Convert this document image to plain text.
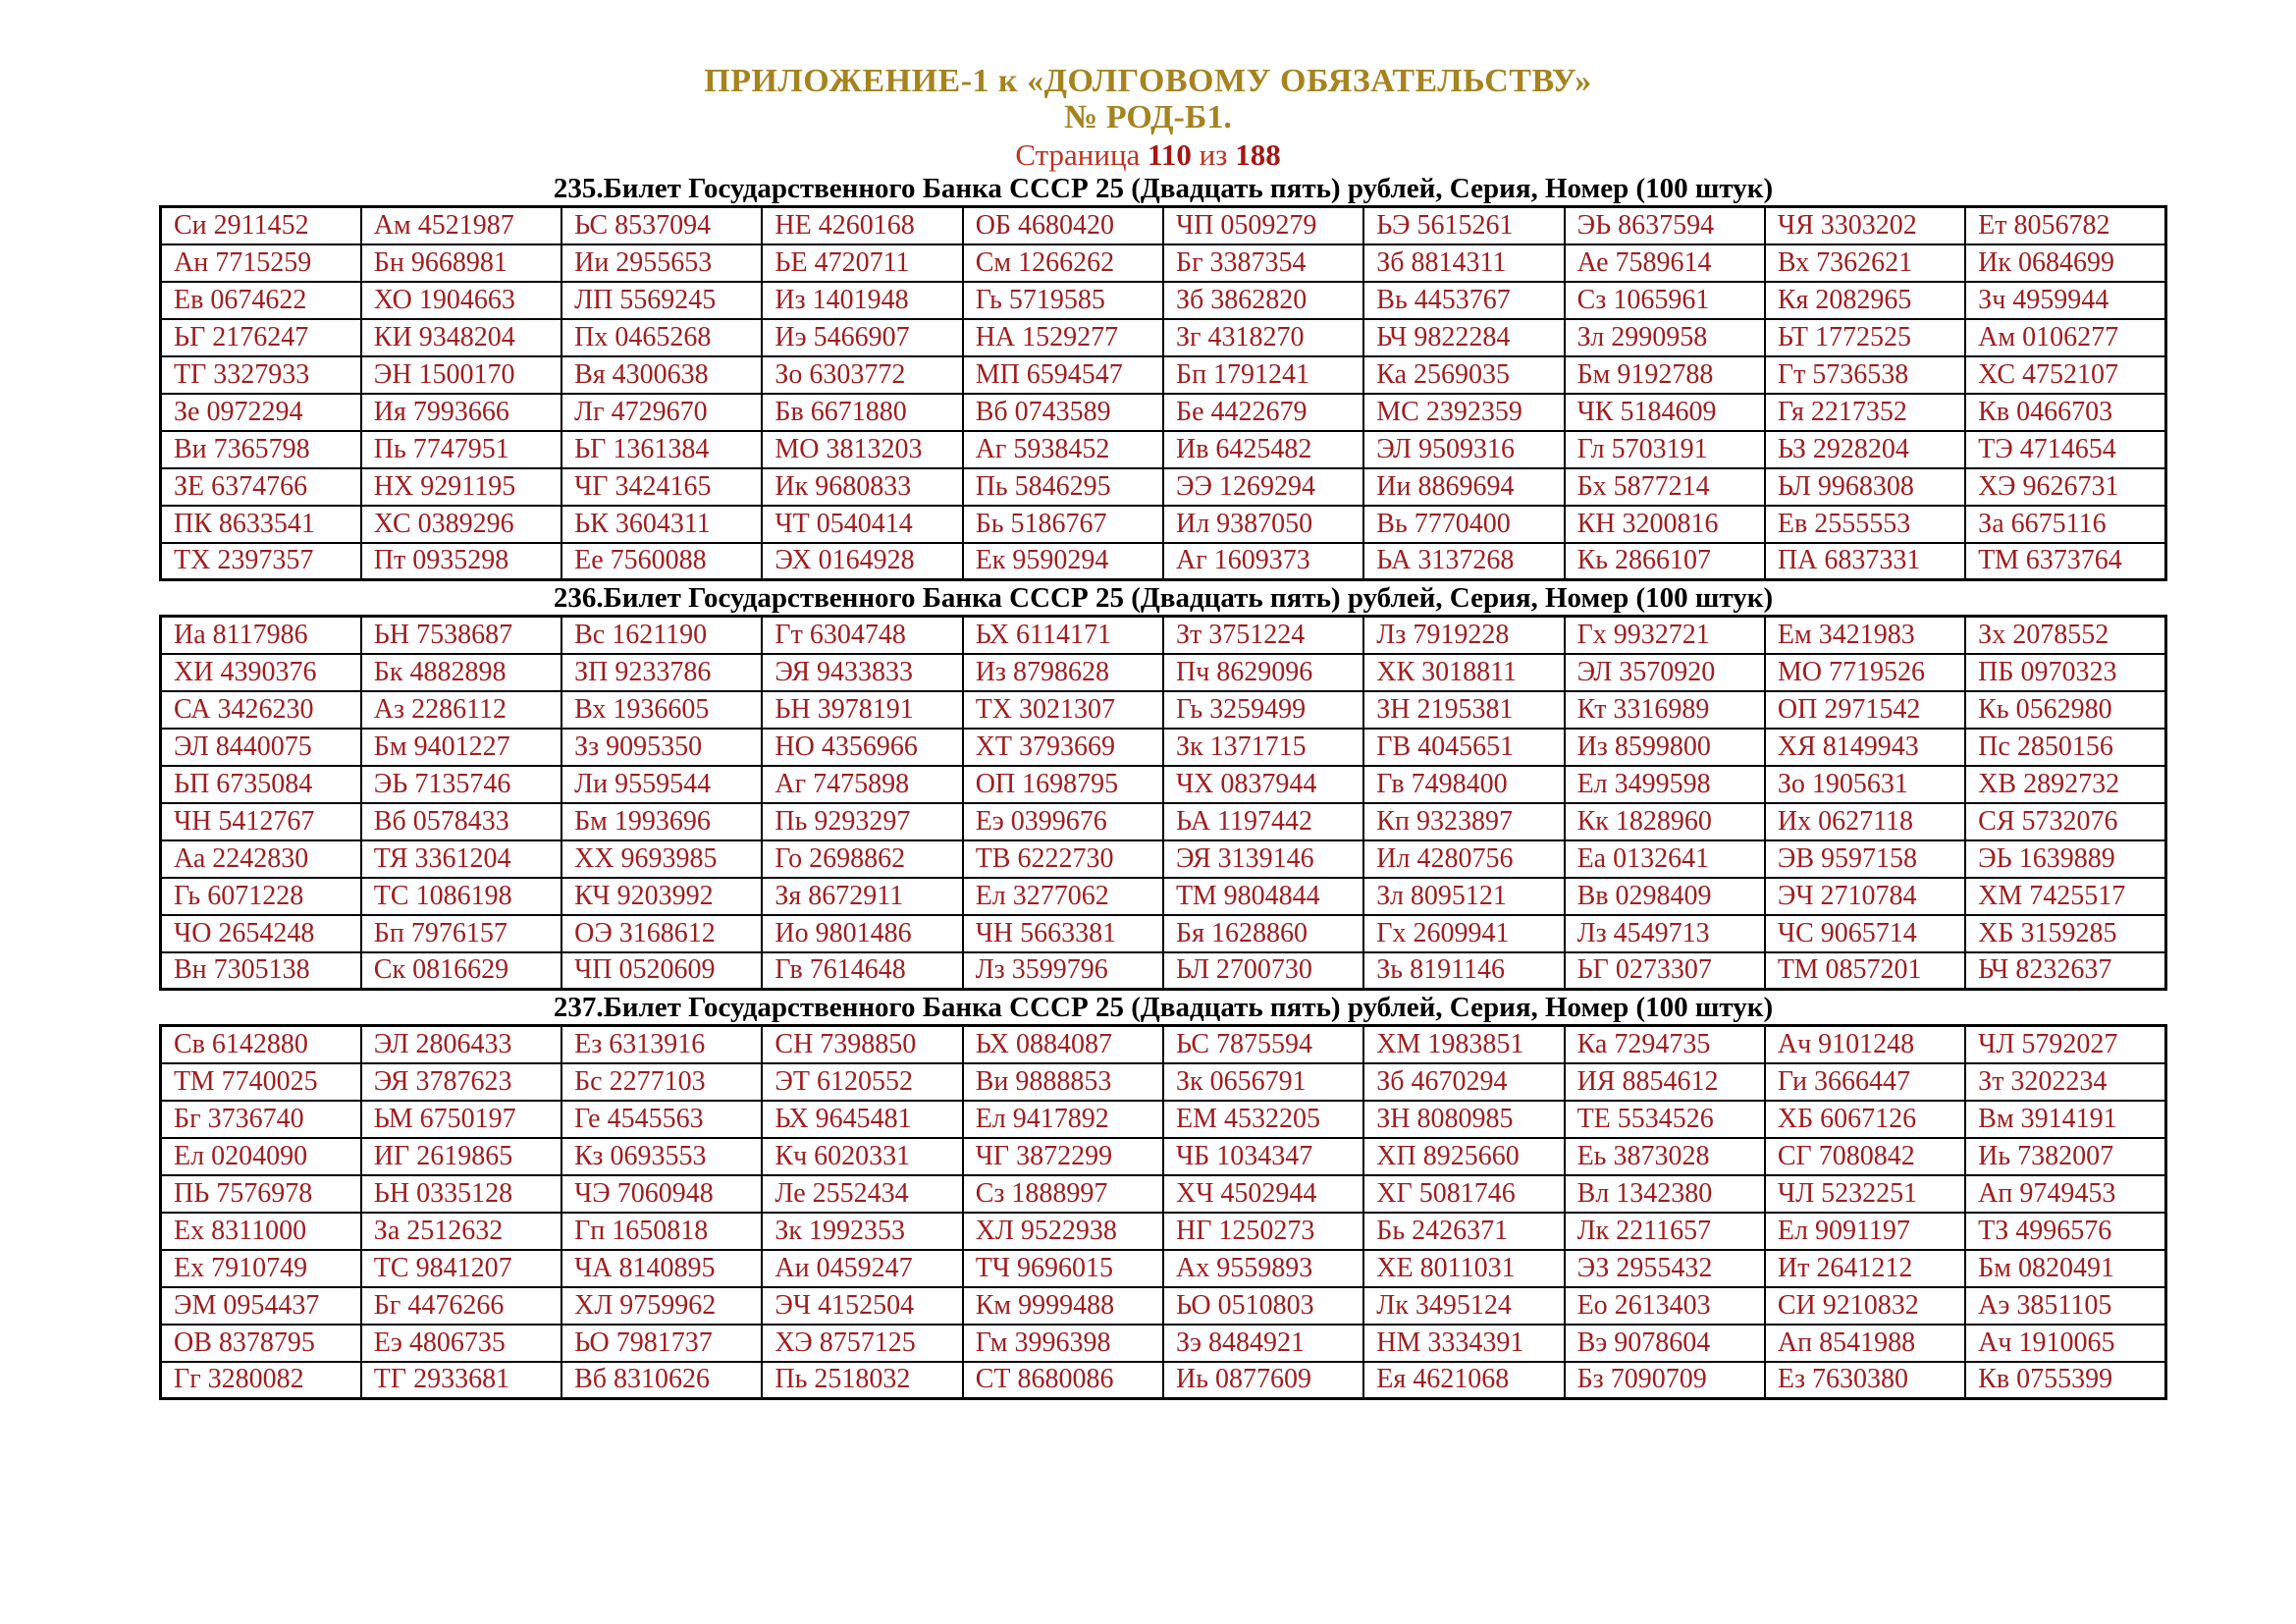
ПРИЛОЖЕНИЕ-1 к «ДОЛГОВОМУ ОБЯЗАТЕЛЬСТВУ»
№ РОД-Б1.
Страница 110 из 188
235.Билет Государственного Банка СССР 25 (Двадцать пять) рублей, Серия, Номер (100 штук)
Си 2911452	Ам 4521987	ЬС 8537094	НЕ 4260168	ОБ 4680420	ЧП 0509279	ЬЭ 5615261	ЭЬ 8637594	ЧЯ 3303202	Ет 8056782
Ан 7715259	Бн 9668981	Ии 2955653	ЬЕ 4720711	См 1266262	Бг 3387354	Зб 8814311	Ае 7589614	Вх 7362621	Ик 0684699
Ев 0674622	ХО 1904663	ЛП 5569245	Из 1401948	Гь 5719585	Зб 3862820	Вь 4453767	Сз 1065961	Кя 2082965	Зч 4959944
ЬГ 2176247	КИ 9348204	Пх 0465268	Иэ 5466907	НА 1529277	Зг 4318270	ЬЧ 9822284	Зл 2990958	ЬТ 1772525	Ам 0106277
ТГ 3327933	ЭН 1500170	Вя 4300638	Зо 6303772	МП 6594547	Бп 1791241	Ка 2569035	Бм 9192788	Гт 5736538	ХС 4752107
Зе 0972294	Ия 7993666	Лг 4729670	Бв 6671880	Вб 0743589	Бе 4422679	МС 2392359	ЧК 5184609	Гя 2217352	Кв 0466703
Ви 7365798	Пь 7747951	ЬГ 1361384	МО 3813203	Аг 5938452	Ив 6425482	ЭЛ 9509316	Гл 5703191	ЬЗ 2928204	ТЭ 4714654
ЗЕ 6374766	НХ 9291195	ЧГ 3424165	Ик 9680833	Пь 5846295	ЭЭ 1269294	Ии 8869694	Бх 5877214	ЬЛ 9968308	ХЭ 9626731
ПК 8633541	ХС 0389296	ЬК 3604311	ЧТ 0540414	Бь 5186767	Ил 9387050	Вь 7770400	КН 3200816	Ев 2555553	За 6675116
ТХ 2397357	Пт 0935298	Ее 7560088	ЭХ 0164928	Ек 9590294	Аг 1609373	ЬА 3137268	Кь 2866107	ПА 6837331	ТМ 6373764
236.Билет Государственного Банка СССР 25 (Двадцать пять) рублей, Серия, Номер (100 штук)
Иа 8117986	ЬН 7538687	Вс 1621190	Гт 6304748	ЬХ 6114171	Зт 3751224	Лз 7919228	Гх 9932721	Ем 3421983	Зх 2078552
ХИ 4390376	Бк 4882898	ЗП 9233786	ЭЯ 9433833	Из 8798628	Пч 8629096	ХК 3018811	ЭЛ 3570920	МО 7719526	ПБ 0970323
СА 3426230	Аз 2286112	Вх 1936605	ЬН 3978191	ТХ 3021307	Гь 3259499	ЗН 2195381	Кт 3316989	ОП 2971542	Кь 0562980
ЭЛ 8440075	Бм 9401227	Зз 9095350	НО 4356966	ХТ 3793669	Зк 1371715	ГВ 4045651	Из 8599800	ХЯ 8149943	Пс 2850156
ЬП 6735084	ЭЬ 7135746	Ли 9559544	Аг 7475898	ОП 1698795	ЧХ 0837944	Гв 7498400	Ел 3499598	Зо 1905631	ХВ 2892732
ЧН 5412767	Вб 0578433	Бм 1993696	Пь 9293297	Еэ 0399676	ЬА 1197442	Кп 9323897	Кк 1828960	Их 0627118	СЯ 5732076
Аа 2242830	ТЯ 3361204	ХХ 9693985	Го 2698862	ТВ 6222730	ЭЯ 3139146	Ил 4280756	Еа 0132641	ЭВ 9597158	ЭЬ 1639889
Гь 6071228	ТС 1086198	КЧ 9203992	Зя 8672911	Ел 3277062	ТМ 9804844	Зл 8095121	Вв 0298409	ЭЧ 2710784	ХМ 7425517
ЧО 2654248	Бп 7976157	ОЭ 3168612	Ио 9801486	ЧН 5663381	Бя 1628860	Гх 2609941	Лз 4549713	ЧС 9065714	ХБ 3159285
Вн 7305138	Ск 0816629	ЧП 0520609	Гв 7614648	Лз 3599796	ЬЛ 2700730	Зь 8191146	ЬГ 0273307	ТМ 0857201	ЬЧ 8232637
237.Билет Государственного Банка СССР 25 (Двадцать пять) рублей, Серия, Номер (100 штук)
Св 6142880	ЭЛ 2806433	Ез 6313916	СН 7398850	ЬХ 0884087	ЬС 7875594	ХМ 1983851	Ка 7294735	Ач 9101248	ЧЛ 5792027
ТМ 7740025	ЭЯ 3787623	Бс 2277103	ЭТ 6120552	Ви 9888853	Зк 0656791	Зб 4670294	ИЯ 8854612	Ги 3666447	Зт 3202234
Бг 3736740	ЬМ 6750197	Ге 4545563	ЬХ 9645481	Ел 9417892	ЕМ 4532205	ЗН 8080985	ТЕ 5534526	ХБ 6067126	Вм 3914191
Ел 0204090	ИГ 2619865	Кз 0693553	Кч 6020331	ЧГ 3872299	ЧБ 1034347	ХП 8925660	Еь 3873028	СГ 7080842	Иь 7382007
ПЬ 7576978	ЬН 0335128	ЧЭ 7060948	Ле 2552434	Сз 1888997	ХЧ 4502944	ХГ 5081746	Вл 1342380	ЧЛ 5232251	Ап 9749453
Ех 8311000	За 2512632	Гп 1650818	Зк 1992353	ХЛ 9522938	НГ 1250273	Бь 2426371	Лк 2211657	Ел 9091197	ТЗ 4996576
Ех 7910749	ТС 9841207	ЧА 8140895	Аи 0459247	ТЧ 9696015	Ах 9559893	ХЕ 8011031	ЭЗ 2955432	Ит 2641212	Бм 0820491
ЭМ 0954437	Бг 4476266	ХЛ 9759962	ЭЧ 4152504	Км 9999488	ЬО 0510803	Лк 3495124	Ео 2613403	СИ 9210832	Аэ 3851105
ОВ 8378795	Еэ 4806735	ЬО 7981737	ХЭ 8757125	Гм 3996398	Зэ 8484921	НМ 3334391	Вэ 9078604	Ап 8541988	Ач 1910065
Гг 3280082	ТГ 2933681	Вб 8310626	Пь 2518032	СТ 8680086	Иь 0877609	Ея 4621068	Бз 7090709	Ез 7630380	Кв 0755399
